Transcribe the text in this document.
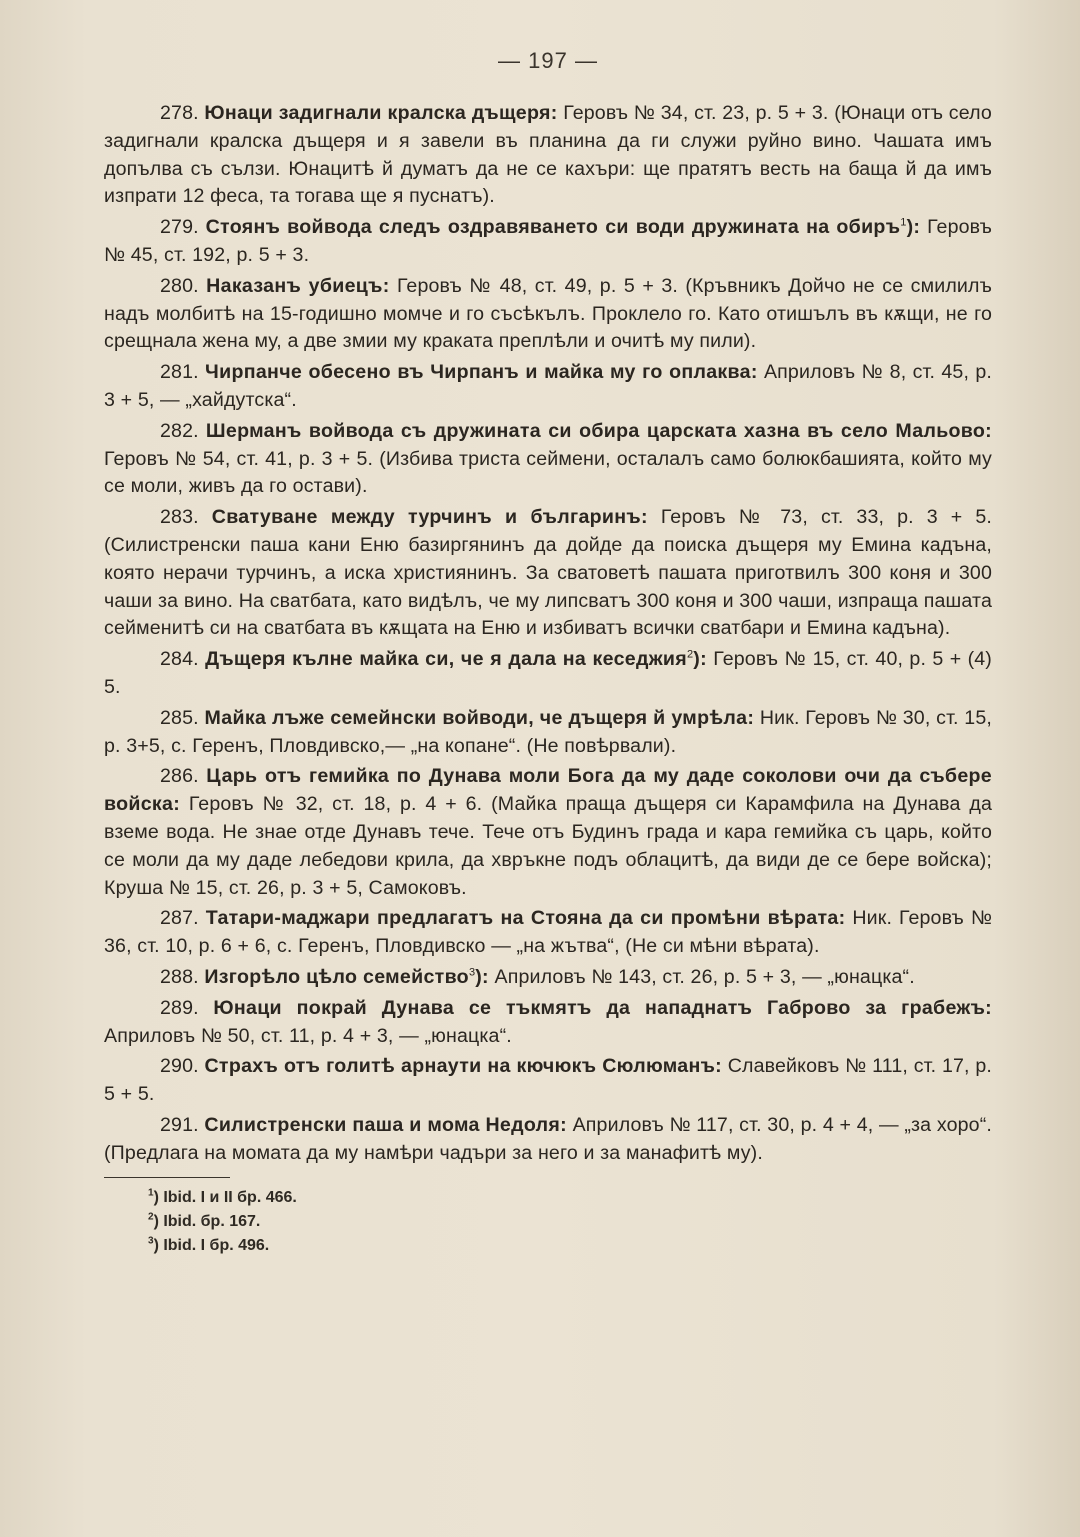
— 197 —

278. Юнаци задигнали кралска дъщеря: Геровъ № 34, ст. 23, р. 5 + 3. (Юнаци отъ село задигнали кралска дъщеря и я завели въ планина да ги служи руйно вино. Чашата имъ допълва съ сълзи. Юнацитѣ й думатъ да не се кахъри: ще пратятъ весть на баща й да имъ изпрати 12 феса, та тогава ще я пуснатъ).

279. Стоянъ войвода следъ оздравяването си води дружината на обиръ$^1$): Геровъ № 45, ст. 192, р. 5 + 3.

280. Наказанъ убиецъ: Геровъ № 48, ст. 49, р. 5 + 3. (Кръвникъ Дойчо не се смилилъ надъ молбитѣ на 15-годишно момче и го съсѣкълъ. Проклело го. Като отишълъ въ кѫщи, не го срещнала жена му, а две змии му краката преплѣли и очитѣ му пили).

281. Чирпанче обесено въ Чирпанъ и майка му го оплаква: Априловъ № 8, ст. 45, р. 3 + 5, — „хайдутска“.

282. Шерманъ войвода съ дружината си обира царската хазна въ село Мальово: Геровъ № 54, ст. 41, р. 3 + 5. (Избива триста сеймени, осталалъ само болюкбашията, който му се моли, живъ да го остави).

283. Сватуване между турчинъ и българинъ: Геровъ № 73, ст. 33, р. 3 + 5. (Силистренски паша кани Еню базиргянинъ да дойде да поиска дъщеря му Емина кадъна, която нерачи турчинъ, а иска християнинъ. За сватоветѣ пашата приготвилъ 300 коня и 300 чаши за вино. На сватбата, като видѣлъ, че му липсватъ 300 коня и 300 чаши, изпраща пашата сейменитѣ си на сватбата въ кѫщата на Еню и избиватъ всички сватбари и Емина кадъна).

284. Дъщеря кълне майка си, че я дала на кеседжия$^2$): Геровъ № 15, ст. 40, р. 5 + (4) 5.

285. Майка лъже семейнски войводи, че дъщеря й умрѣла: Ник. Геровъ № 30, ст. 15, р. 3+5, с. Геренъ, Пловдивско,— „на копане“. (Не повѣрвали).

286. Царь отъ гемийка по Дунава моли Бога да му даде соколови очи да събере войска: Геровъ № 32, ст. 18, р. 4 + 6. (Майка праща дъщеря си Карамфила на Дунава да вземе вода. Не знае отде Дунавъ тече. Тече отъ Будинъ града и кара гемийка съ царь, който се моли да му даде лебедови крила, да хвръкне подъ облацитѣ, да види де се бере войска); Круша № 15, ст. 26, р. 3 + 5, Самоковъ.

287. Татари-маджари предлагатъ на Стояна да си промѣни вѣрата: Ник. Геровъ № 36, ст. 10, р. 6 + 6, с. Геренъ, Пловдивско — „на жътва“, (Не си мѣни вѣрата).

288. Изгорѣло цѣло семейство$^3$): Априловъ № 143, ст. 26, р. 5 + 3, — „юнацка“.

289. Юнаци покрай Дунава се тъкмятъ да нападнатъ Габрово за грабежъ: Априловъ № 50, ст. 11, р. 4 + 3, — „юнацка“.

290. Страхъ отъ голитѣ арнаути на кючюкъ Сюлюманъ: Славейковъ № 111, ст. 17, р. 5 + 5.

291. Силистренски паша и мома Недоля: Априловъ № 117, ст. 30, р. 4 + 4, — „за хоро“. (Предлага на момата да му намѣри чадъри за него и за манафитѣ му).

$^1$) Ibid. I и II бр. 466.
$^2$) Ibid. бр. 167.
$^3$) Ibid. I бр. 496.
